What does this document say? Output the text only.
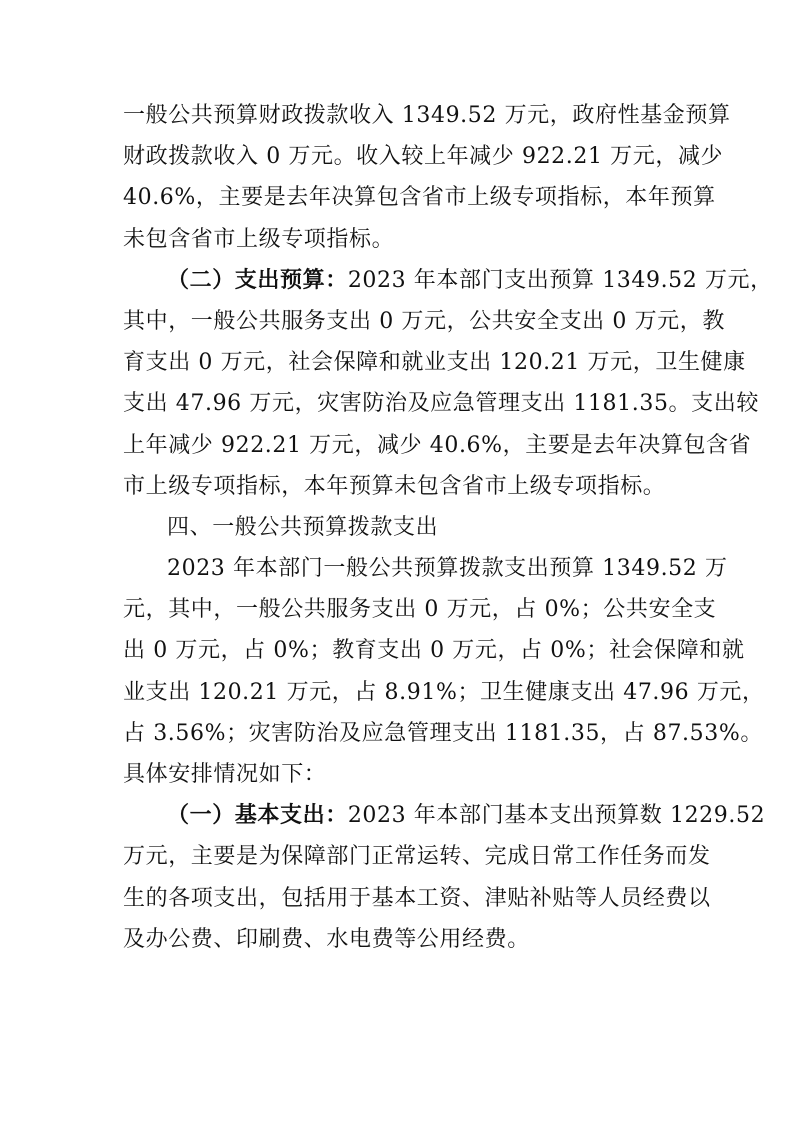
一般公共预算财政拨款收入 1349.52 万元，政府性基金预算
财政拨款收入 0 万元。收入较上年减少 922.21 万元，减少
40.6%，主要是去年决算包含省市上级专项指标，本年预算
未包含省市上级专项指标。
（二）支出预算：2023 年本部门支出预算 1349.52 万元，
其中，一般公共服务支出 0 万元，公共安全支出 0 万元，教
育支出 0 万元，社会保障和就业支出 120.21 万元，卫生健康
支出 47.96 万元，灾害防治及应急管理支出 1181.35。支出较
上年减少 922.21 万元，减少 40.6%，主要是去年决算包含省
市上级专项指标，本年预算未包含省市上级专项指标。
四、一般公共预算拨款支出
2023 年本部门一般公共预算拨款支出预算 1349.52 万
元，其中，一般公共服务支出 0 万元，占 0%；公共安全支
出 0 万元，占 0%；教育支出 0 万元，占 0%；社会保障和就
业支出 120.21 万元，占 8.91%；卫生健康支出 47.96 万元，
占 3.56%；灾害防治及应急管理支出 1181.35，占 87.53%。
具体安排情况如下：
（一）基本支出：2023 年本部门基本支出预算数 1229.52
万元，主要是为保障部门正常运转、完成日常工作任务而发
生的各项支出，包括用于基本工资、津贴补贴等人员经费以
及办公费、印刷费、水电费等公用经费。
